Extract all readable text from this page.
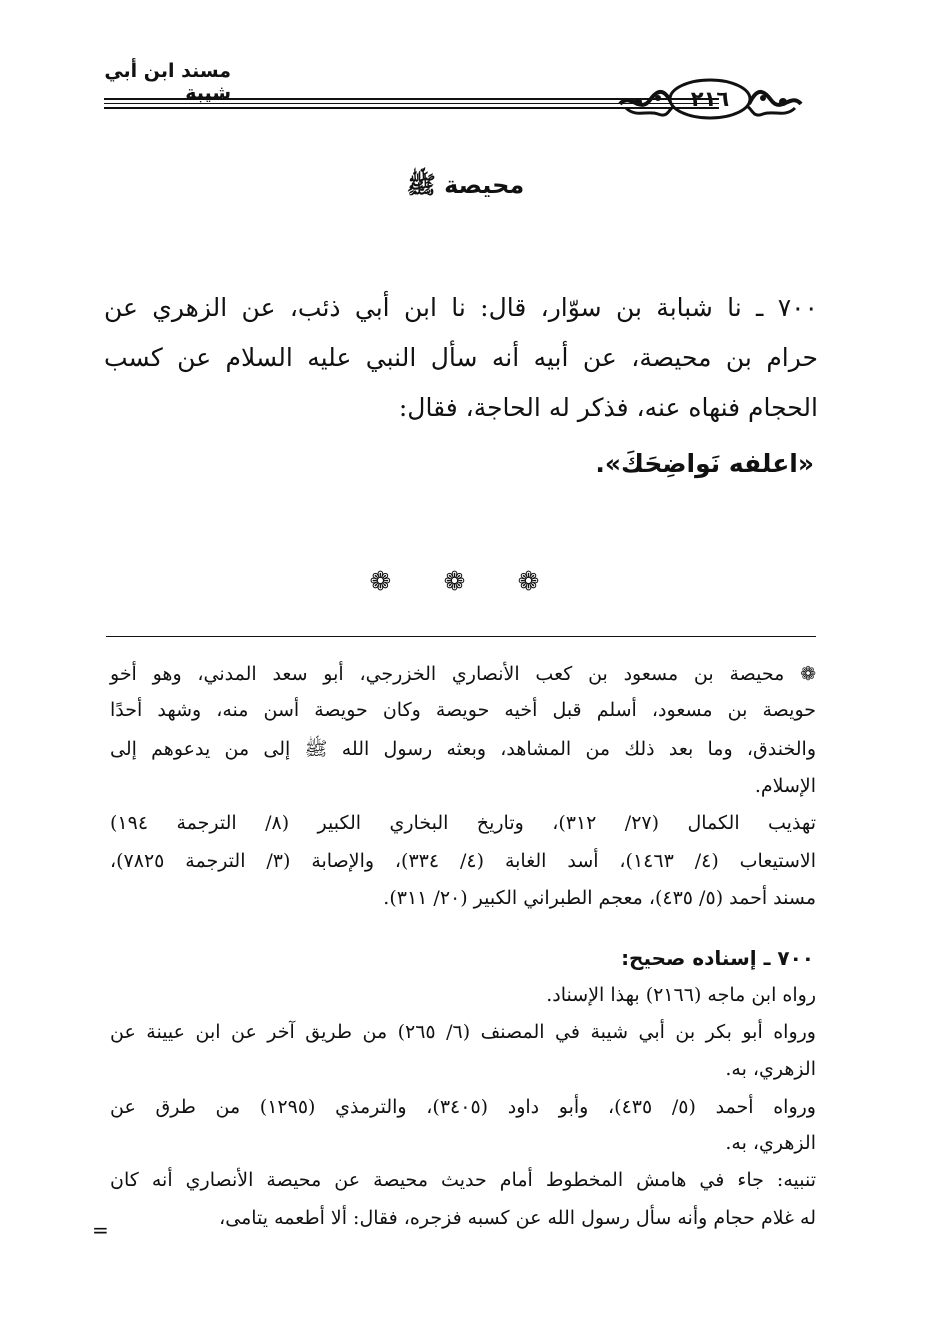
مسند ابن أبي شيبة	٢١٦
محيصة ﷺ
٧٠٠ ـ نا شبابة بن سوّار، قال: نا ابن أبي ذئب، عن الزهري عن
حرام بن محيصة، عن أبيه أنه سأل النبي عليه السلام عن كسب
الحجام فنهاه عنه، فذكر له الحاجة، فقال:
«اعلفه نَواضِحَكَ».
❁ ❁ ❁
❁ محيصة بن مسعود بن كعب الأنصاري الخزرجي، أبو سعد المدني، وهو أخو
حويصة بن مسعود، أسلم قبل أخيه حويصة وكان حويصة أسن منه، وشهد أحدًا
والخندق، وما بعد ذلك من المشاهد، وبعثه رسول الله ﷺ إلى من يدعوهم إلى
الإسلام.
تهذيب الكمال (٢٧/ ٣١٢)، وتاريخ البخاري الكبير (٨/ الترجمة ١٩٤)
الاستيعاب (٤/ ١٤٦٣)، أسد الغابة (٤/ ٣٣٤)، والإصابة (٣/ الترجمة ٧٨٢٥)،
مسند أحمد (٥/ ٤٣٥)، معجم الطبراني الكبير (٢٠/ ٣١١).
٧٠٠ ـ إسناده صحيح:
رواه ابن ماجه (٢١٦٦) بهذا الإسناد.
ورواه أبو بكر بن أبي شيبة في المصنف (٦/ ٢٦٥) من طريق آخر عن ابن عيينة عن
الزهري، به.
ورواه أحمد (٥/ ٤٣٥)، وأبو داود (٣٤٠٥)، والترمذي (١٢٩٥) من طرق عن
الزهري، به.
تنبيه: جاء في هامش المخطوط أمام حديث محيصة عن محيصة الأنصاري أنه كان
له غلام حجام وأنه سأل رسول الله عن كسبه فزجره، فقال: ألا أطعمه يتامى،
=
